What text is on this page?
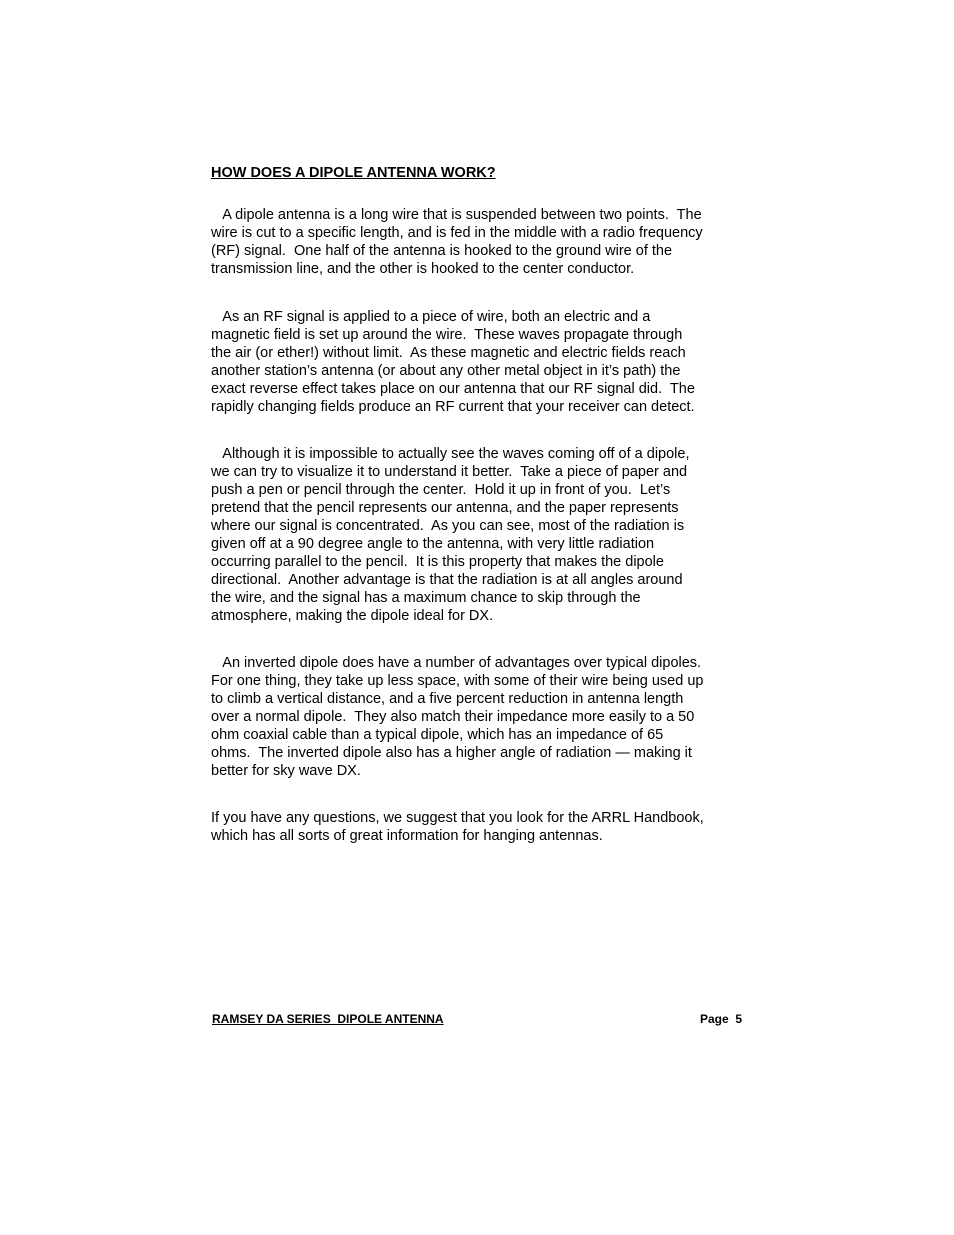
HOW DOES A DIPOLE ANTENNA WORK?

A dipole antenna is a long wire that is suspended between two points.  The
wire is cut to a specific length, and is fed in the middle with a radio frequency
(RF) signal.  One half of the antenna is hooked to the ground wire of the
transmission line, and the other is hooked to the center conductor.

As an RF signal is applied to a piece of wire, both an electric and a
magnetic field is set up around the wire.  These waves propagate through
the air (or ether!) without limit.  As these magnetic and electric fields reach
another station’s antenna (or about any other metal object in it’s path) the
exact reverse effect takes place on our antenna that our RF signal did.  The
rapidly changing fields produce an RF current that your receiver can detect.

Although it is impossible to actually see the waves coming off of a dipole,
we can try to visualize it to understand it better.  Take a piece of paper and
push a pen or pencil through the center.  Hold it up in front of you.  Let’s
pretend that the pencil represents our antenna, and the paper represents
where our signal is concentrated.  As you can see, most of the radiation is
given off at a 90 degree angle to the antenna, with very little radiation
occurring parallel to the pencil.  It is this property that makes the dipole
directional.  Another advantage is that the radiation is at all angles around
the wire, and the signal has a maximum chance to skip through the
atmosphere, making the dipole ideal for DX.

An inverted dipole does have a number of advantages over typical dipoles.
For one thing, they take up less space, with some of their wire being used up
to climb a vertical distance, and a five percent reduction in antenna length
over a normal dipole.  They also match their impedance more easily to a 50
ohm coaxial cable than a typical dipole, which has an impedance of 65
ohms.  The inverted dipole also has a higher angle of radiation — making it
better for sky wave DX.

If you have any questions, we suggest that you look for the ARRL Handbook,
which has all sorts of great information for hanging antennas.

RAMSEY DA SERIES  DIPOLE ANTENNA	Page  5
